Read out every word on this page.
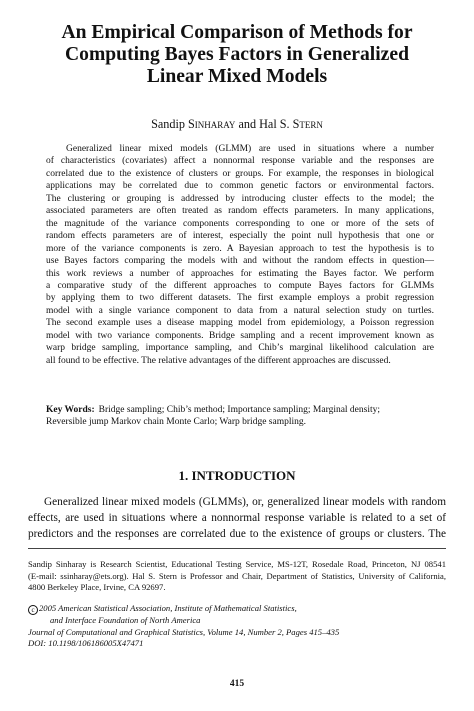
An Empirical Comparison of Methods for
Computing Bayes Factors in Generalized
Linear Mixed Models
Sandip Sinharay and Hal S. Stern
Generalized linear mixed models (GLMM) are used in situations where a number
of characteristics (covariates) affect a nonnormal response variable and the responses are
correlated due to the existence of clusters or groups. For example, the responses in biological
applications may be correlated due to common genetic factors or environmental factors.
The clustering or grouping is addressed by introducing cluster effects to the model; the
associated parameters are often treated as random effects parameters. In many applications,
the magnitude of the variance components corresponding to one or more of the sets of
random effects parameters are of interest, especially the point null hypothesis that one or
more of the variance components is zero. A Bayesian approach to test the hypothesis is to
use Bayes factors comparing the models with and without the random effects in question—
this work reviews a number of approaches for estimating the Bayes factor. We perform
a comparative study of the different approaches to compute Bayes factors for GLMMs
by applying them to two different datasets. The first example employs a probit regression
model with a single variance component to data from a natural selection study on turtles.
The second example uses a disease mapping model from epidemiology, a Poisson regression
model with two variance components. Bridge sampling and a recent improvement known as
warp bridge sampling, importance sampling, and Chib’s marginal likelihood calculation are
all found to be effective. The relative advantages of the different approaches are discussed.
Key Words: Bridge sampling; Chib’s method; Importance sampling; Marginal density;
Reversible jump Markov chain Monte Carlo; Warp bridge sampling.
1. INTRODUCTION
Generalized linear mixed models (GLMMs), or, generalized linear models with random
effects, are used in situations where a nonnormal response variable is related to a set of
predictors and the responses are correlated due to the existence of groups or clusters. The
Sandip Sinharay is Research Scientist, Educational Testing Service, MS-12T, Rosedale Road, Princeton, NJ 08541
(E-mail: ssinharay@ets.org). Hal S. Stern is Professor and Chair, Department of Statistics, University of California,
4800 Berkeley Place, Irvine, CA 92697.
c 2005 American Statistical Association, Institute of Mathematical Statistics,
and Interface Foundation of North America
Journal of Computational and Graphical Statistics, Volume 14, Number 2, Pages 415–435
DOI: 10.1198/106186005X47471
415
